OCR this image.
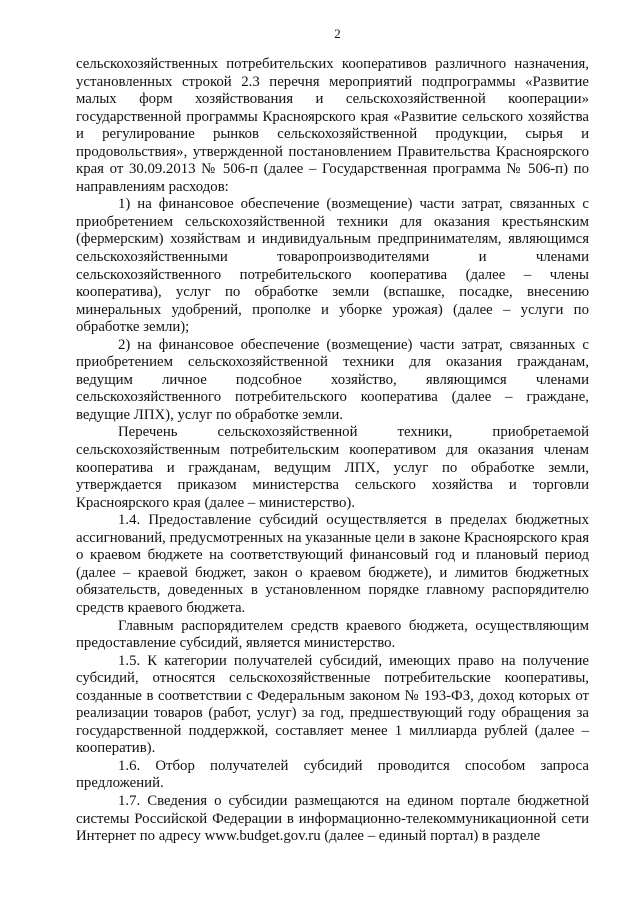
2

сельскохозяйственных потребительских кооперативов различного назначения, установленных строкой 2.3 перечня мероприятий подпрограммы «Развитие малых форм хозяйствования и сельскохозяйственной кооперации» государственной программы Красноярского края «Развитие сельского хозяйства и регулирование рынков сельскохозяйственной продукции, сырья и продовольствия», утвержденной постановлением Правительства Красноярского края от 30.09.2013 № 506-п (далее – Государственная программа № 506-п) по направлениям расходов:

1) на финансовое обеспечение (возмещение) части затрат, связанных с приобретением сельскохозяйственной техники для оказания крестьянским (фермерским) хозяйствам и индивидуальным предпринимателям, являющимся сельскохозяйственными товаропроизводителями и членами сельскохозяйственного потребительского кооператива (далее – члены кооператива), услуг по обработке земли (вспашке, посадке, внесению минеральных удобрений, прополке и уборке урожая) (далее – услуги по обработке земли);

2) на финансовое обеспечение (возмещение) части затрат, связанных с приобретением сельскохозяйственной техники для оказания гражданам, ведущим личное подсобное хозяйство, являющимся членами сельскохозяйственного потребительского кооператива (далее – граждане, ведущие ЛПХ), услуг по обработке земли.

Перечень сельскохозяйственной техники, приобретаемой сельскохозяйственным потребительским кооперативом для оказания членам кооператива и гражданам, ведущим ЛПХ, услуг по обработке земли, утверждается приказом министерства сельского хозяйства и торговли Красноярского края (далее – министерство).

1.4. Предоставление субсидий осуществляется в пределах бюджетных ассигнований, предусмотренных на указанные цели в законе Красноярского края о краевом бюджете на соответствующий финансовый год и плановый период (далее – краевой бюджет, закон о краевом бюджете), и лимитов бюджетных обязательств, доведенных в установленном порядке главному распорядителю средств краевого бюджета.

Главным распорядителем средств краевого бюджета, осуществляющим предоставление субсидий, является министерство.

1.5. К категории получателей субсидий, имеющих право на получение субсидий, относятся сельскохозяйственные потребительские кооперативы, созданные в соответствии с Федеральным законом № 193-ФЗ, доход которых от реализации товаров (работ, услуг) за год, предшествующий году обращения за государственной поддержкой, составляет менее 1 миллиарда рублей (далее – кооператив).

1.6. Отбор получателей субсидий проводится способом запроса предложений.

1.7. Сведения о субсидии размещаются на едином портале бюджетной системы Российской Федерации в информационно-телекоммуникационной сети Интернет по адресу www.budget.gov.ru (далее – единый портал) в разделе
